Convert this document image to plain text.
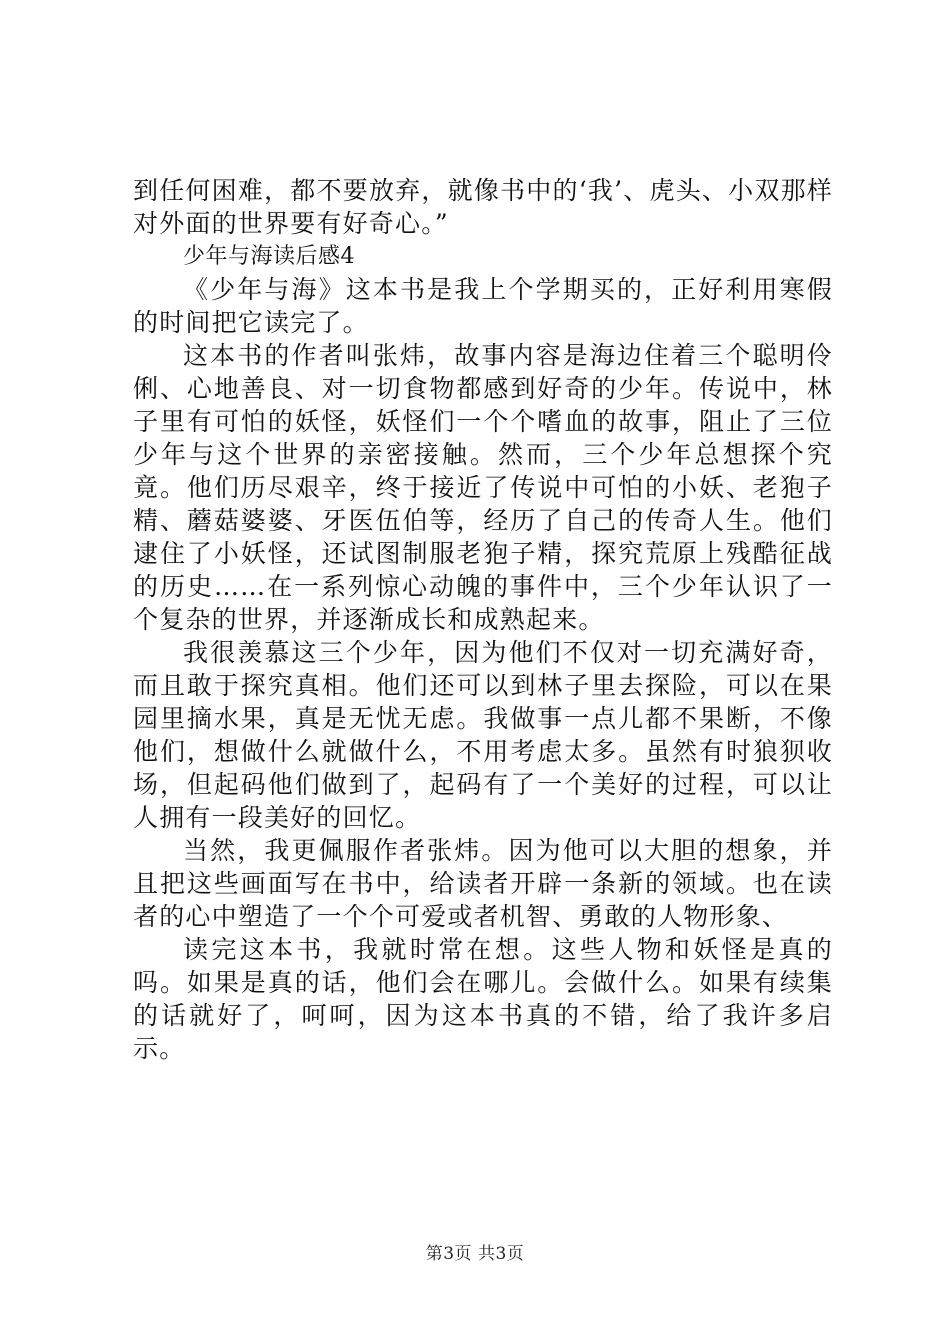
到任何困难，都不要放弃，就像书中的‘我’、虎头、小双那样对外面的世界要有好奇心。”

少年与海读后感4

《少年与海》这本书是我上个学期买的，正好利用寒假的时间把它读完了。

这本书的作者叫张炜，故事内容是海边住着三个聪明伶俐、心地善良、对一切食物都感到好奇的少年。传说中，林子里有可怕的妖怪，妖怪们一个个嗜血的故事，阻止了三位少年与这个世界的亲密接触。然而，三个少年总想探个究竟。他们历尽艰辛，终于接近了传说中可怕的小妖、老狍子精、蘑菇婆婆、牙医伍伯等，经历了自己的传奇人生。他们逮住了小妖怪，还试图制服老狍子精，探究荒原上残酷征战的历史……在一系列惊心动魄的事件中，三个少年认识了一个复杂的世界，并逐渐成长和成熟起来。

我很羡慕这三个少年，因为他们不仅对一切充满好奇，而且敢于探究真相。他们还可以到林子里去探险，可以在果园里摘水果，真是无忧无虑。我做事一点儿都不果断，不像他们，想做什么就做什么，不用考虑太多。虽然有时狼狈收场，但起码他们做到了，起码有了一个美好的过程，可以让人拥有一段美好的回忆。

当然，我更佩服作者张炜。因为他可以大胆的想象，并且把这些画面写在书中，给读者开辟一条新的领域。也在读者的心中塑造了一个个可爱或者机智、勇敢的人物形象、

读完这本书，我就时常在想。这些人物和妖怪是真的吗。如果是真的话，他们会在哪儿。会做什么。如果有续集的话就好了，呵呵，因为这本书真的不错，给了我许多启示。

第3页 共3页
